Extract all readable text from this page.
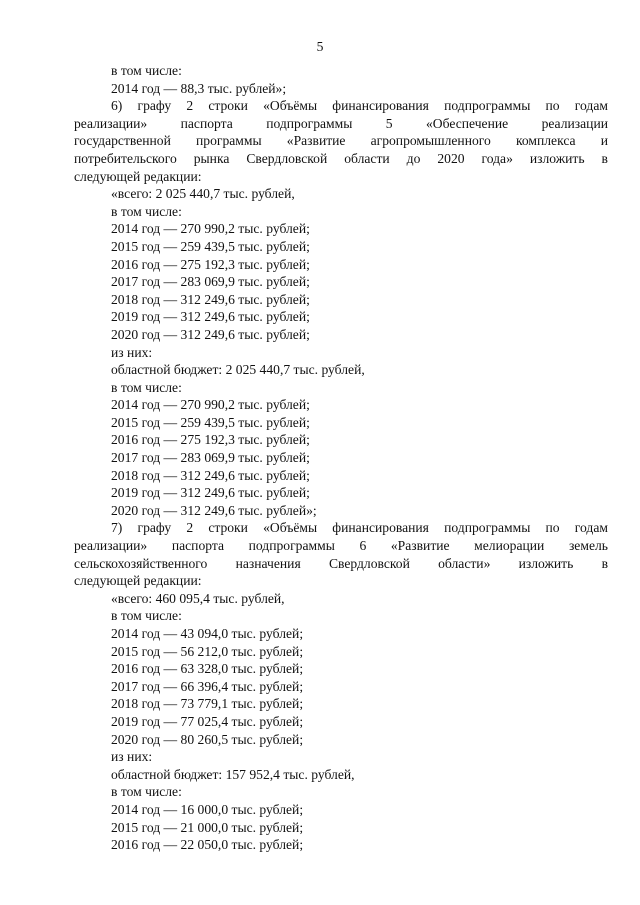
5
в том числе:
2014 год — 88,3 тыс. рублей»;
6) графу 2 строки «Объёмы финансирования подпрограммы по годам
реализации» паспорта подпрограммы 5 «Обеспечение реализации
государственной программы «Развитие агропромышленного комплекса и
потребительского рынка Свердловской области до 2020 года» изложить в
следующей редакции:
«всего: 2 025 440,7 тыс. рублей,
в том числе:
2014 год — 270 990,2 тыс. рублей;
2015 год — 259 439,5 тыс. рублей;
2016 год — 275 192,3 тыс. рублей;
2017 год — 283 069,9 тыс. рублей;
2018 год — 312 249,6 тыс. рублей;
2019 год — 312 249,6 тыс. рублей;
2020 год — 312 249,6 тыс. рублей;
из них:
областной бюджет: 2 025 440,7 тыс. рублей,
в том числе:
2014 год — 270 990,2 тыс. рублей;
2015 год — 259 439,5 тыс. рублей;
2016 год — 275 192,3 тыс. рублей;
2017 год — 283 069,9 тыс. рублей;
2018 год — 312 249,6 тыс. рублей;
2019 год — 312 249,6 тыс. рублей;
2020 год — 312 249,6 тыс. рублей»;
7) графу 2 строки «Объёмы финансирования подпрограммы по годам
реализации» паспорта подпрограммы 6 «Развитие мелиорации земель
сельскохозяйственного назначения Свердловской области» изложить в
следующей редакции:
«всего: 460 095,4 тыс. рублей,
в том числе:
2014 год — 43 094,0 тыс. рублей;
2015 год — 56 212,0 тыс. рублей;
2016 год — 63 328,0 тыс. рублей;
2017 год — 66 396,4 тыс. рублей;
2018 год — 73 779,1 тыс. рублей;
2019 год — 77 025,4 тыс. рублей;
2020 год — 80 260,5 тыс. рублей;
из них:
областной бюджет: 157 952,4 тыс. рублей,
в том числе:
2014 год — 16 000,0 тыс. рублей;
2015 год — 21 000,0 тыс. рублей;
2016 год — 22 050,0 тыс. рублей;
